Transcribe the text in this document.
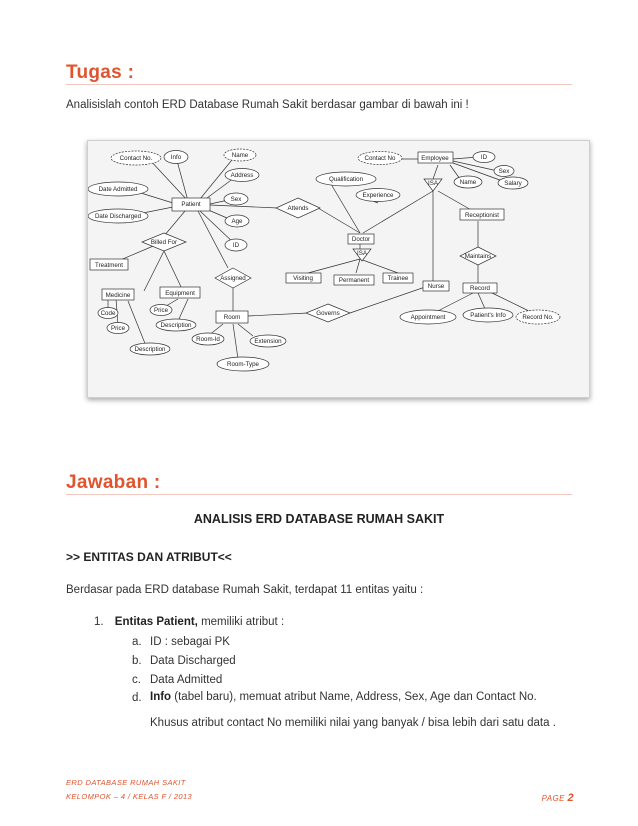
Tugas :
Analisislah contoh ERD Database Rumah Sakit berdasar gambar di bawah ini !
Contact No.	Info	Name
Address
Date Admitted
Sex
Date Discharged
Age
ID
Patient
Billed For
Treatment
Medicine	Equipment
Code
Price
Price
Description
Description
Assigned
Room
Room-Id	Extension
Room-Type
Attends
Governs
Contact No	Employee
Qualification
Experience
ISA
Doctor
ISA
Visiting	Permanent	Trainee
Nurse
ID
Sex
Salary
Name
Receptionist
Maintains
Record
Appointment	Patient's Info	Record No.
Jawaban :
ANALISIS ERD DATABASE RUMAH SAKIT
>> ENTITAS DAN ATRIBUT<<
Berdasar pada ERD database Rumah Sakit, terdapat 11 entitas yaitu :
1. Entitas Patient, memiliki atribut :
a. ID : sebagai PK
b. Data Discharged
c. Data Admitted
d. Info (tabel baru), memuat atribut Name, Address, Sex, Age dan Contact No.
Khusus atribut contact No memiliki nilai yang banyak / bisa lebih dari satu data .
ERD DATABASE RUMAH SAKIT
KELOMPOK – 4 / KELAS F / 2013	PAGE 2
